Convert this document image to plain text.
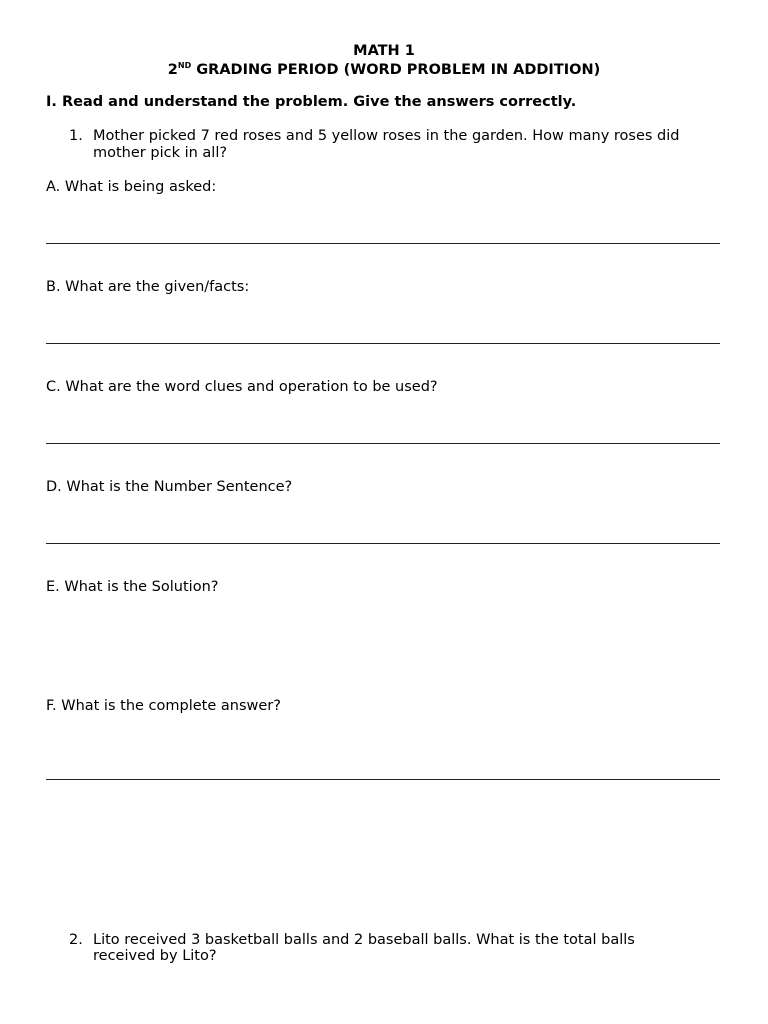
MATH 1
2ND GRADING PERIOD (WORD PROBLEM IN ADDITION)
I. Read and understand the problem. Give the answers correctly.
1. Mother picked 7 red roses and 5 yellow roses in the garden. How many roses did mother pick in all?
A. What is being asked:
B. What are the given/facts:
C. What are the word clues and operation to be used?
D. What is the Number Sentence?
E. What is the Solution?
F. What is the complete answer?
2. Lito received 3 basketball balls and 2 baseball balls. What is the total balls
received by Lito?
